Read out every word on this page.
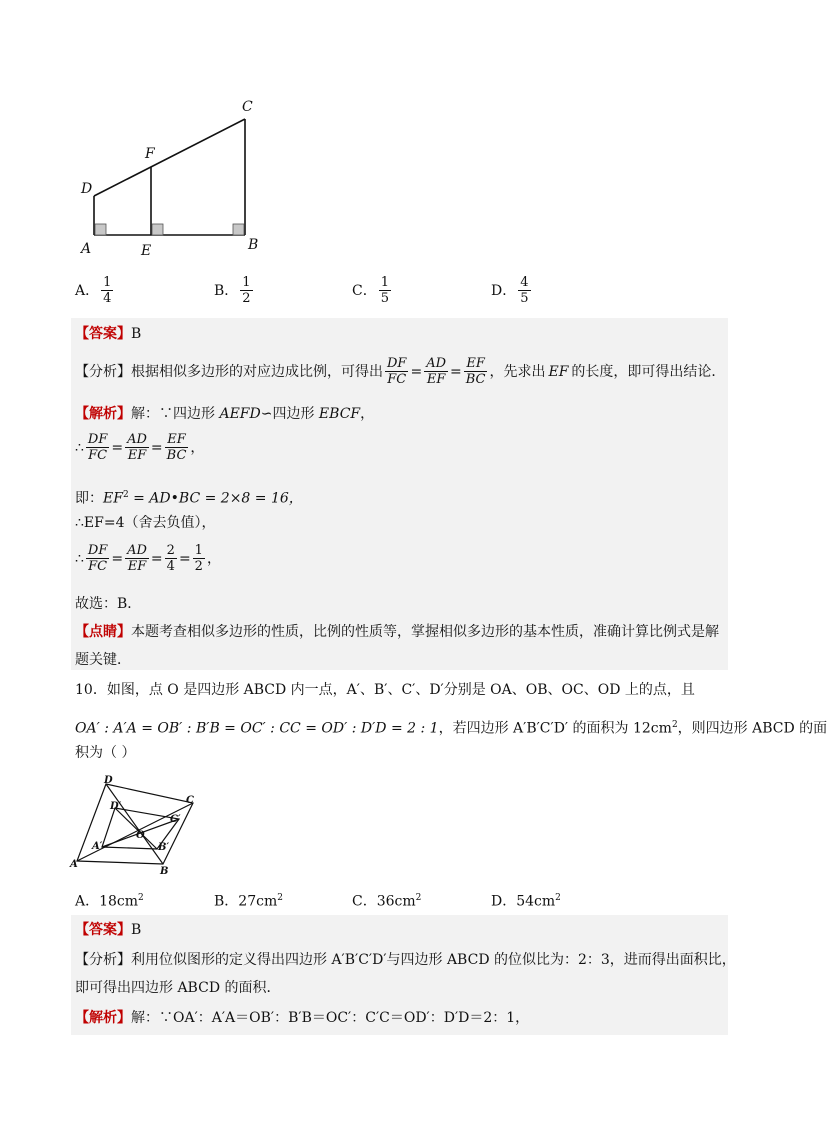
C
F
D
A	E	B
A． $\frac{1}{4}$	B． $\frac{1}{2}$	C． $\frac{1}{5}$	D． $\frac{4}{5}$
【答案】B
【分析】 根据相似多边形的对应边成比例，可得出 $\frac{DF}{FC} = \frac{AD}{EF} = \frac{EF}{BC}$ ，先求出 EF 的长度，即可得出结论．
【解析】解：∵四边形 AEFD∽四边形 EBCF，
∴ $\frac{DF}{FC} = \frac{AD}{EF} = \frac{EF}{BC}$ ，
即：$EF^2$ = AD•BC = 2×8 = 16，
∴EF=4（舍去负值），
∴ $\frac{DF}{FC} = \frac{AD}{EF} = \frac{2}{4} = \frac{1}{2}$ ，
故选：B．
【点睛】本题考查相似多边形的性质，比例的性质等，掌握相似多边形的基本性质，准确计算比例式是解
题关键．
10．如图，点 O 是四边形 ABCD 内一点，A′、B′、C′、D′分别是 OA、OB、OC、OD 上的点，且
OA′ : A′A = OB′ : B′B = OC′ : CC = OD′ : D′D = 2 : 1，若四边形 A′B′C′D′ 的面积为 $12cm^2$，则四边形 ABCD 的面
积为（ ）
D
C
A
B
O
D′
C′
A′	B′
A．$18cm^2$	B．$27cm^2$	C．$36cm^2$	D．$54cm^2$
【答案】B
【分析】利用位似图形的定义得出四边形 A′B′C′D′与四边形 ABCD 的位似比为：2：3，进而得出面积比，
即可得出四边形 ABCD 的面积．
【解析】解：∵OA′：A′A＝OB′：B′B＝OC′：C′C＝OD′：D′D＝2：1，
